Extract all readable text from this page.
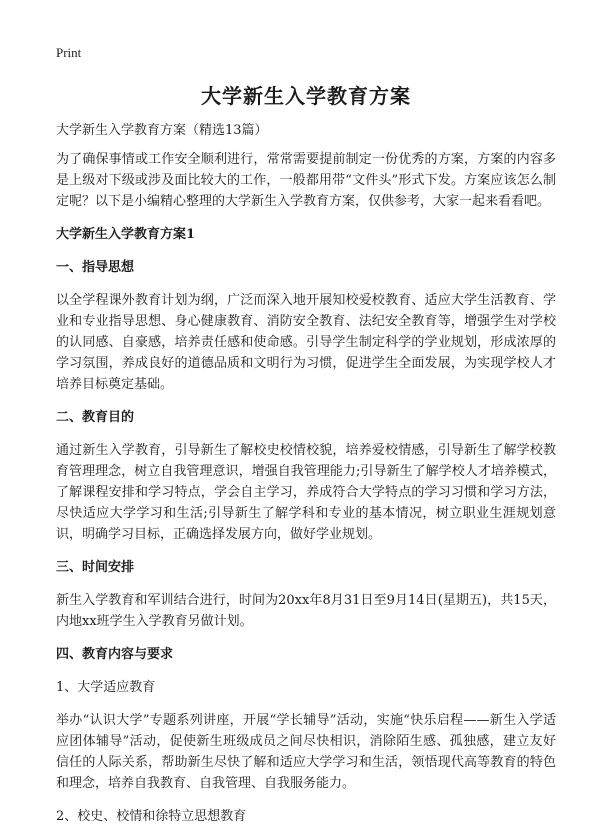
Print
大学新生入学教育方案

大学新生入学教育方案（精选13篇）

为了确保事情或工作安全顺利进行，常常需要提前制定一份优秀的方案，方案的内容多是上级对下级或涉及面比较大的工作，一般都用带“文件头”形式下发。方案应该怎么制定呢？以下是小编精心整理的大学新生入学教育方案，仅供参考，大家一起来看看吧。

大学新生入学教育方案1

一、指导思想

以全学程课外教育计划为纲，广泛而深入地开展知校爱校教育、适应大学生活教育、学业和专业指导思想、身心健康教育、消防安全教育、法纪安全教育等，增强学生对学校的认同感、自豪感，培养责任感和使命感。引导学生制定科学的学业规划，形成浓厚的学习氛围，养成良好的道德品质和文明行为习惯，促进学生全面发展，为实现学校人才培养目标奠定基础。

二、教育目的

通过新生入学教育，引导新生了解校史校情校貌，培养爱校情感，引导新生了解学校教育管理理念，树立自我管理意识，增强自我管理能力;引导新生了解学校人才培养模式，了解课程安排和学习特点，学会自主学习，养成符合大学特点的学习习惯和学习方法，尽快适应大学学习和生活;引导新生了解学科和专业的基本情况，树立职业生涯规划意识，明确学习目标，正确选择发展方向，做好学业规划。

三、时间安排

新生入学教育和军训结合进行，时间为20xx年8月31日至9月14日(星期五)，共15天，内地xx班学生入学教育另做计划。

四、教育内容与要求

1、大学适应教育

举办“认识大学”专题系列讲座，开展“学长辅导”活动，实施“快乐启程——新生入学适应团体辅导”活动，促使新生班级成员之间尽快相识，消除陌生感、孤独感，建立友好信任的人际关系，帮助新生尽快了解和适应大学学习和生活，领悟现代高等教育的特色和理念，培养自我教育、自我管理、自我服务能力。

2、校史、校情和徐特立思想教育
